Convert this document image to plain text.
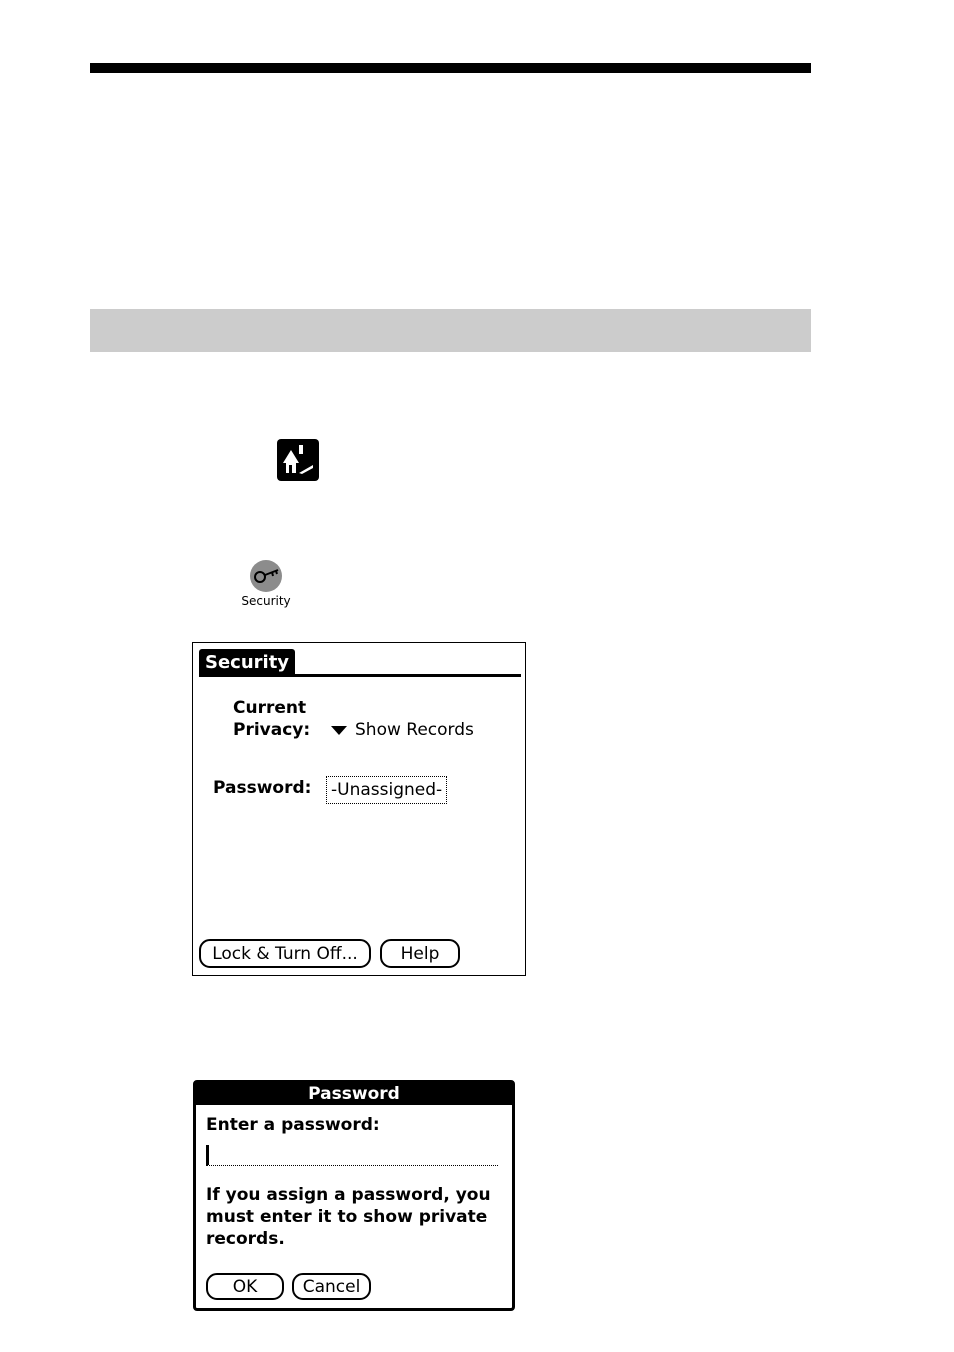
Security
Security
Current
Privacy:	Show Records
Password: -Unassigned-
Lock & Turn Off...	Help
Password
Enter a password:
If you assign a password, you must enter it to show private records.
OK	Cancel
